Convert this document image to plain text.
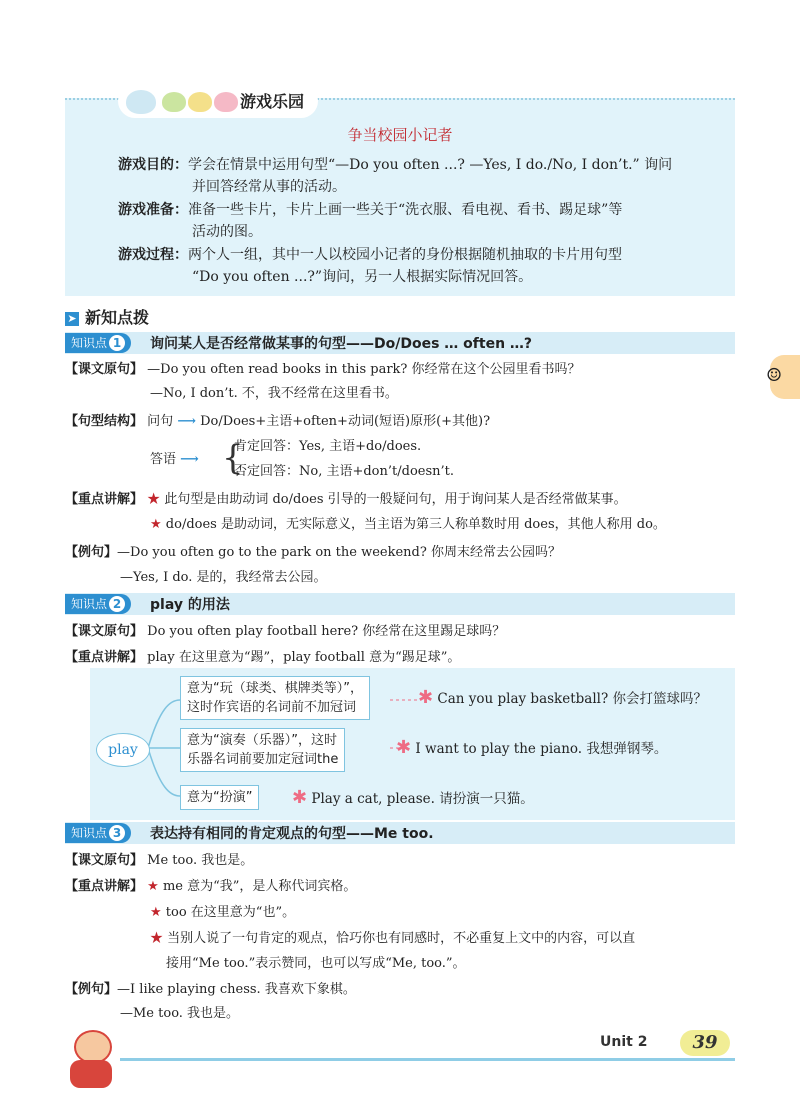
游戏乐园
争当校园小记者
游戏目的：学会在情景中运用句型“—Do you often ...? —Yes, I do./No, I don’t.” 询问
并回答经常从事的活动。
游戏准备：准备一些卡片，卡片上画一些关于“洗衣服、看电视、看书、踢足球”等
活动的图。
游戏过程：两个人一组，其中一人以校园小记者的身份根据随机抽取的卡片用句型
“Do you often ...?”询问，另一人根据实际情况回答。
☺
➤ 新知点拨
知识点 1	询问某人是否经常做某事的句型——Do/Does … often …?
【课文原句】 —Do you often read books in this park? 你经常在这个公园里看书吗？
—No, I don’t. 不，我不经常在这里看书。
【句型结构】 问句 ⟶ Do/Does+主语+often+动词(短语)原形(+其他)?
答语 ⟶ {
肯定回答：Yes, 主语+do/does.
否定回答：No, 主语+don’t/doesn’t.
【重点讲解】 ★ 此句型是由助动词 do/does 引导的一般疑问句，用于询问某人是否经常做某事。
★ do/does 是助动词，无实际意义，当主语为第三人称单数时用 does，其他人称用 do。
【例句】—Do you often go to the park on the weekend? 你周末经常去公园吗？
—Yes, I do. 是的，我经常去公园。
知识点 2	play 的用法
【课文原句】 Do you often play football here? 你经常在这里踢足球吗？
【重点讲解】 play 在这里意为“踢”，play football 意为“踢足球”。
play
意为“玩（球类、棋牌类等）”，
这时作宾语的名词前不加冠词	✱ Can you play basketball? 你会打篮球吗？
意为“演奏（乐器）”，这时
乐器名词前要加定冠词the
✱ I want to play the piano. 我想弹钢琴。
意为“扮演” ✱ Play a cat, please. 请扮演一只猫。
知识点 3	表达持有相同的肯定观点的句型——Me too.
【课文原句】 Me too. 我也是。
【重点讲解】 ★ me 意为“我”，是人称代词宾格。
★ too 在这里意为“也”。
★ 当别人说了一句肯定的观点，恰巧你也有同感时，不必重复上文中的内容，可以直
接用“Me too.”表示赞同，也可以写成“Me, too.”。
【例句】—I like playing chess. 我喜欢下象棋。
—Me too. 我也是。
Unit 2	39
